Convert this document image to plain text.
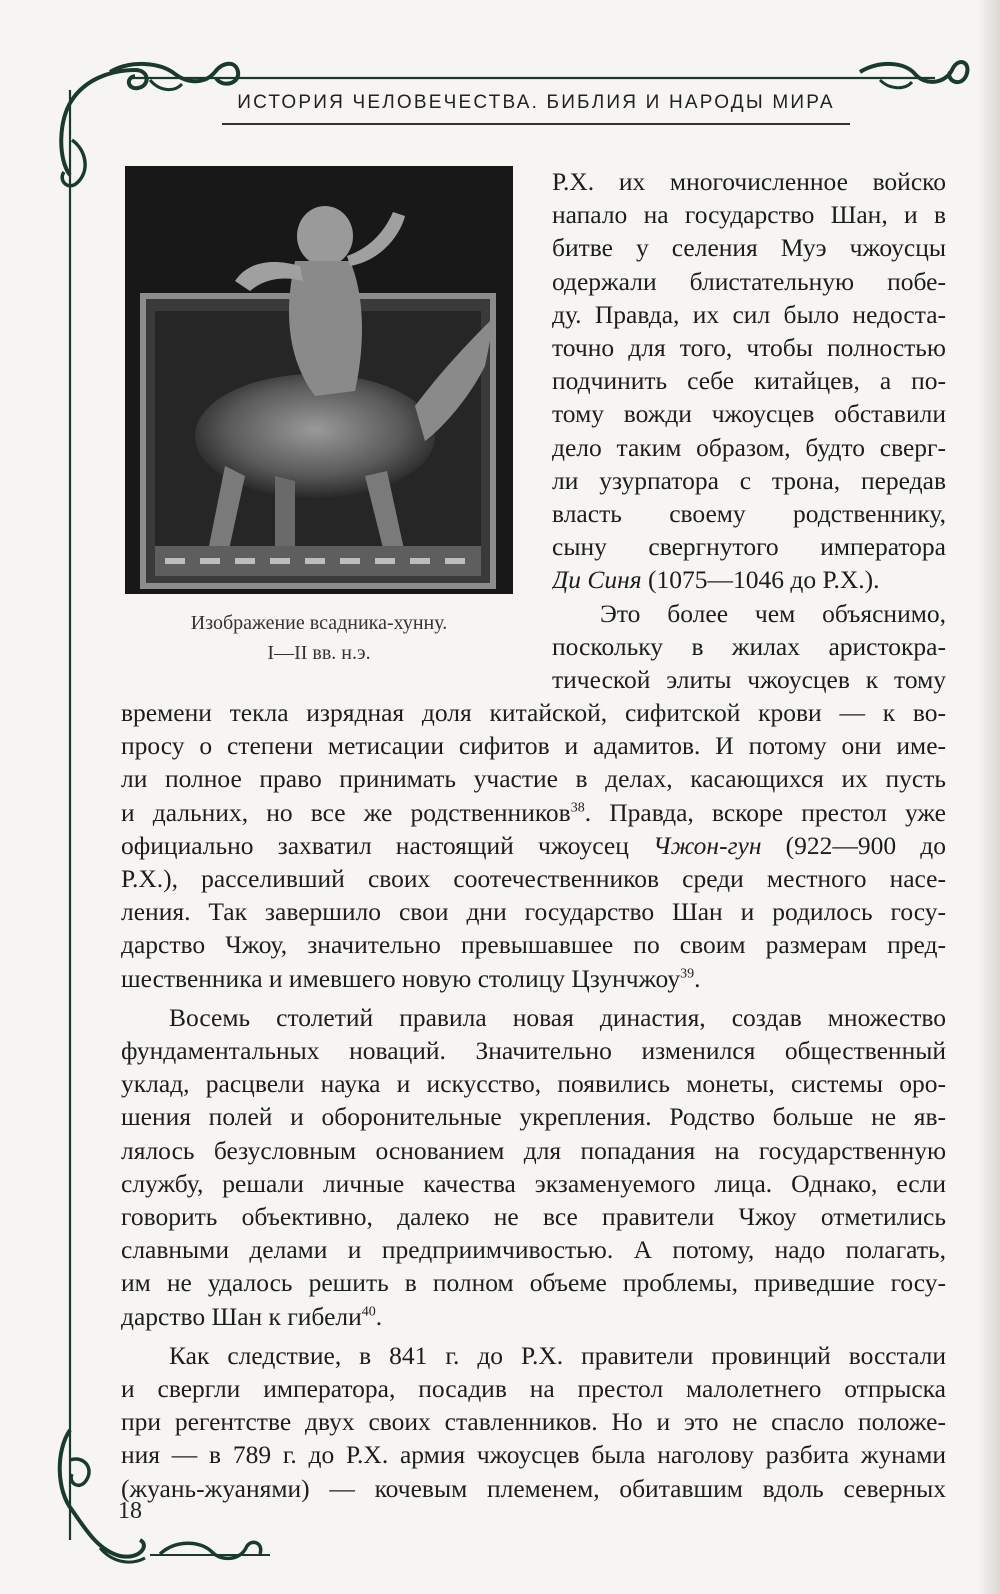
ИСТОРИЯ ЧЕЛОВЕЧЕСТВА. БИБЛИЯ И НАРОДЫ МИРА
Изображение всадника-хунну.
I—II вв. н.э.
Р.Х. их многочисленное войско
напало на государство Шан, и в
битве у селения Муэ чжоусцы
одержали блистательную побе-
ду. Правда, их сил было недоста-
точно для того, чтобы полностью
подчинить себе китайцев, а по-
тому вожди чжоусцев обставили
дело таким образом, будто сверг-
ли узурпатора с трона, передав
власть своему родственнику,
сыну свергнутого императора
Ди Синя (1075—1046 до Р.Х.).
Это более чем объяснимо,
поскольку в жилах аристокра-
тической элиты чжоусцев к тому
времени текла изрядная доля китайской, сифитской крови — к во-
просу о степени метисации сифитов и адамитов. И потому они име-
ли полное право принимать участие в делах, касающихся их пусть
и дальних, но все же родственников$^{38}$. Правда, вскоре престол уже
официально захватил настоящий чжоусец Чжон-гун (922—900 до
Р.Х.), расселивший своих соотечественников среди местного насе-
ления. Так завершило свои дни государство Шан и родилось госу-
дарство Чжоу, значительно превышавшее по своим размерам пред-
шественника и имевшего новую столицу Цзунчжоу$^{39}$.
Восемь столетий правила новая династия, создав множество
фундаментальных новаций. Значительно изменился общественный
уклад, расцвели наука и искусство, появились монеты, системы оро-
шения полей и оборонительные укрепления. Родство больше не яв-
лялось безусловным основанием для попадания на государственную
службу, решали личные качества экзаменуемого лица. Однако, если
говорить объективно, далеко не все правители Чжоу отметились
славными делами и предприимчивостью. А потому, надо полагать,
им не удалось решить в полном объеме проблемы, приведшие госу-
дарство Шан к гибели$^{40}$.
Как следствие, в 841 г. до Р.Х. правители провинций восстали
и свергли императора, посадив на престол малолетнего отпрыска
при регентстве двух своих ставленников. Но и это не спасло положе-
ния — в 789 г. до Р.Х. армия чжоусцев была наголову разбита жунами
(жуань-жуанями) — кочевым племенем, обитавшим вдоль северных
18
